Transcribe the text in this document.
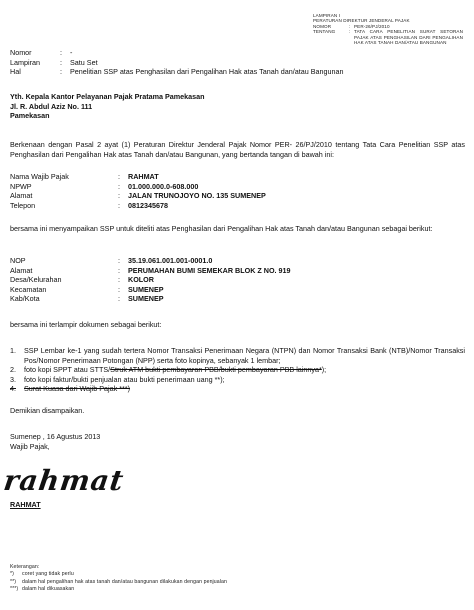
LAMPIRAN I
PERATURAN DIREKTUR JENDERAL PAJAK
NOMOR	: PER-26/PJ/2010
TENTANG	: TATA CARA PENELITIAN SURAT SETORAN PAJAK ATAS PENGHASILAN DARI PENGALIHAN HAK ATAS TANAH DAN/ATAU BANGUNAN
Nomor	:	-
Lampiran	:	Satu Set
Hal	:	Penelitian SSP atas Penghasilan dari Pengalihan Hak atas Tanah dan/atau Bangunan
Yth. Kepala Kantor Pelayanan Pajak Pratama Pamekasan
Jl. R. Abdul Aziz No. 111
Pamekasan
Berkenaan dengan Pasal 2 ayat (1) Peraturan Direktur Jenderal Pajak Nomor PER- 26/PJ/2010 tentang Tata Cara Penelitian SSP atas Penghasilan dari Pengalihan Hak atas Tanah dan/atau Bangunan, yang bertanda tangan di bawah ini:
Nama Wajib Pajak	:	RAHMAT
NPWP	:	01.000.000.0-608.000
Alamat	:	JALAN TRUNOJOYO NO. 135 SUMENEP
Telepon	:	0812345678
bersama ini menyampaikan SSP untuk diteliti atas Penghasilan dari Pengalihan Hak atas Tanah dan/atau Bangunan sebagai berikut:
NOP	:	35.19.061.001.001-0001.0
Alamat	:	PERUMAHAN BUMI SEMEKAR BLOK Z NO. 919
Desa/Kelurahan	:	KOLOR
Kecamatan	:	SUMENEP
Kab/Kota	:	SUMENEP
bersama ini terlampir dokumen sebagai berikut:
1.	SSP Lembar ke-1 yang sudah tertera Nomor Transaksi Penerimaan Negara (NTPN) dan Nomor Transaksi Bank (NTB)/Nomor Transaksi Pos/Nomor Penerimaan Potongan (NPP) serta foto kopinya, sebanyak 1 lembar;
2.	foto kopi SPPT atau STTS/Struk ATM bukti pembayaran PBB/bukti pembayaran PBB lainnya*);
3.	foto kopi faktur/bukti penjualan atau bukti penerimaan uang **);
4.	Surat Kuasa dari Wajib Pajak ***)
Demikian disampaikan.
Sumenep , 16 Agustus 2013
Wajib Pajak,
rahmat
RAHMAT
Keterangan:
*)	coret yang tidak perlu
**)	dalam hal pengalihan hak atas tanah dan/atau bangunan dilakukan dengan penjualan
***) dalam hal dikuasakan
